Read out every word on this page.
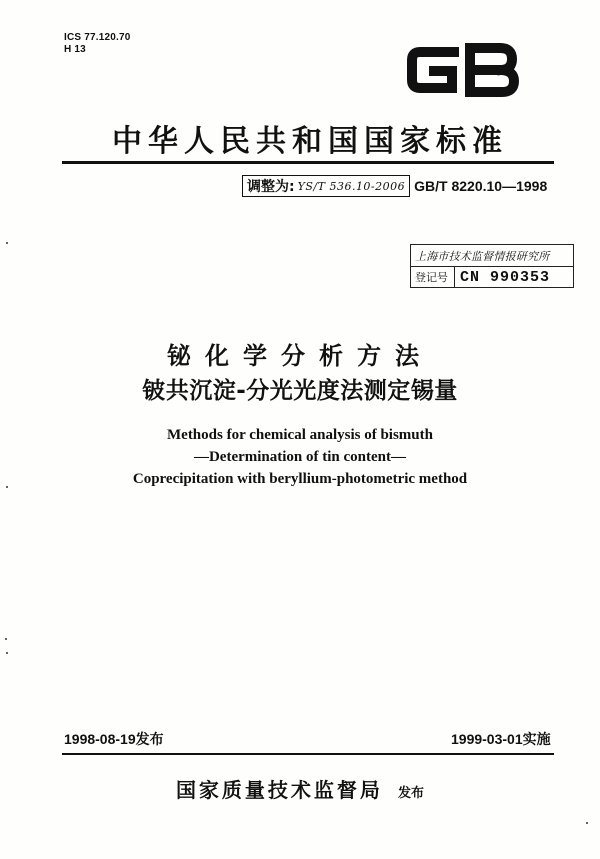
ICS 77.120.70
H 13
中华人民共和国国家标准
调整为: YS/T 536.10-2006 GB/T 8220.10—1998
上海市技术监督情报研究所
登记号 CN 990353
铋化学分析方法
铍共沉淀-分光光度法测定锡量
Methods for chemical analysis of bismuth
—Determination of tin content—
Coprecipitation with beryllium-photometric method
1998-08-19发布	1999-03-01实施
国家质量技术监督局 发布
